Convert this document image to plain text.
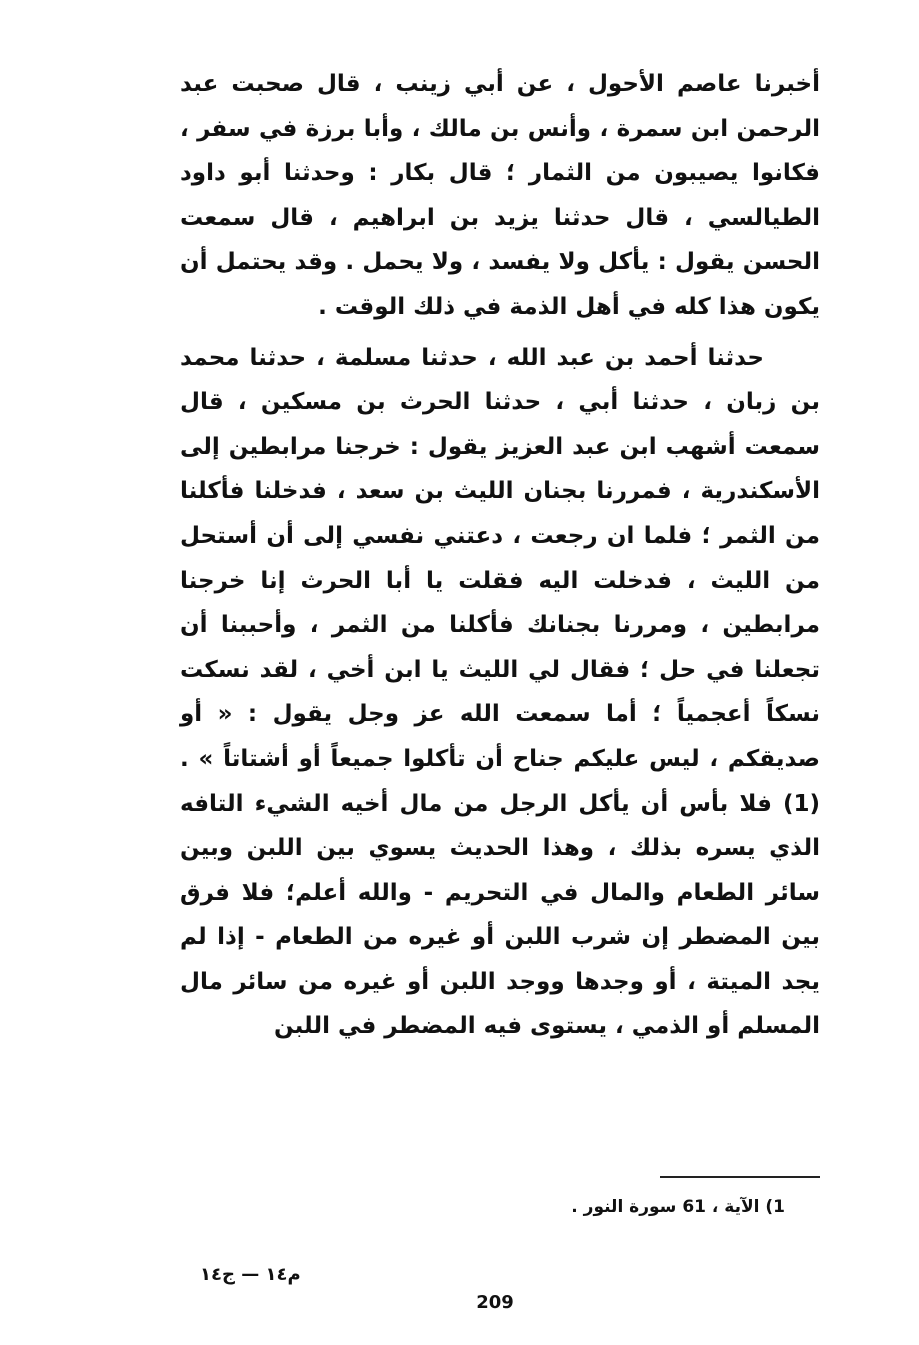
أخبرنا عاصم الأحول ، عن أبي زينب ، قال صحبت عبد الرحمن ابن سمرة ، وأنس بن مالك ، وأبا برزة في سفر ، فكانوا يصيبون من الثمار ؛ قال بكار : وحدثنا أبو داود الطيالسي ، قال حدثنا يزيد بن ابراهيم ، قال سمعت الحسن يقول : يأكل ولا يفسد ، ولا يحمل . وقد يحتمل أن يكون هذا كله في أهل الذمة في ذلك الوقت .

حدثنا أحمد بن عبد الله ، حدثنا مسلمة ، حدثنا محمد بن زبان ، حدثنا أبي ، حدثنا الحرث بن مسكين ، قال سمعت أشهب ابن عبد العزيز يقول : خرجنا مرابطين إلى الأسكندرية ، فمررنا بجنان الليث بن سعد ، فدخلنا فأكلنا من الثمر ؛ فلما ان رجعت ، دعتني نفسي إلى أن أستحل من الليث ، فدخلت اليه فقلت يا أبا الحرث إنا خرجنا مرابطين ، ومررنا بجنانك فأكلنا من الثمر ، وأحببنا أن تجعلنا في حل ؛ فقال لي الليث يا ابن أخي ، لقد نسكت نسكاً أعجمياً ؛ أما سمعت الله عز وجل يقول : « أو صديقكم ، ليس عليكم جناح أن تأكلوا جميعاً أو أشتاتاً » . (1) فلا بأس أن يأكل الرجل من مال أخيه الشيء التافه الذي يسره بذلك ، وهذا الحديث يسوي بين اللبن وبين سائر الطعام والمال في التحريم - والله أعلم؛ فلا فرق بين المضطر إن شرب اللبن أو غيره من الطعام - إذا لم يجد الميتة ، أو وجدها ووجد اللبن أو غيره من سائر مال المسلم أو الذمي ، يستوى فيه المضطر في اللبن

1) الآية ، 61 سورة النور .
م١٤ — ج١٤
209
